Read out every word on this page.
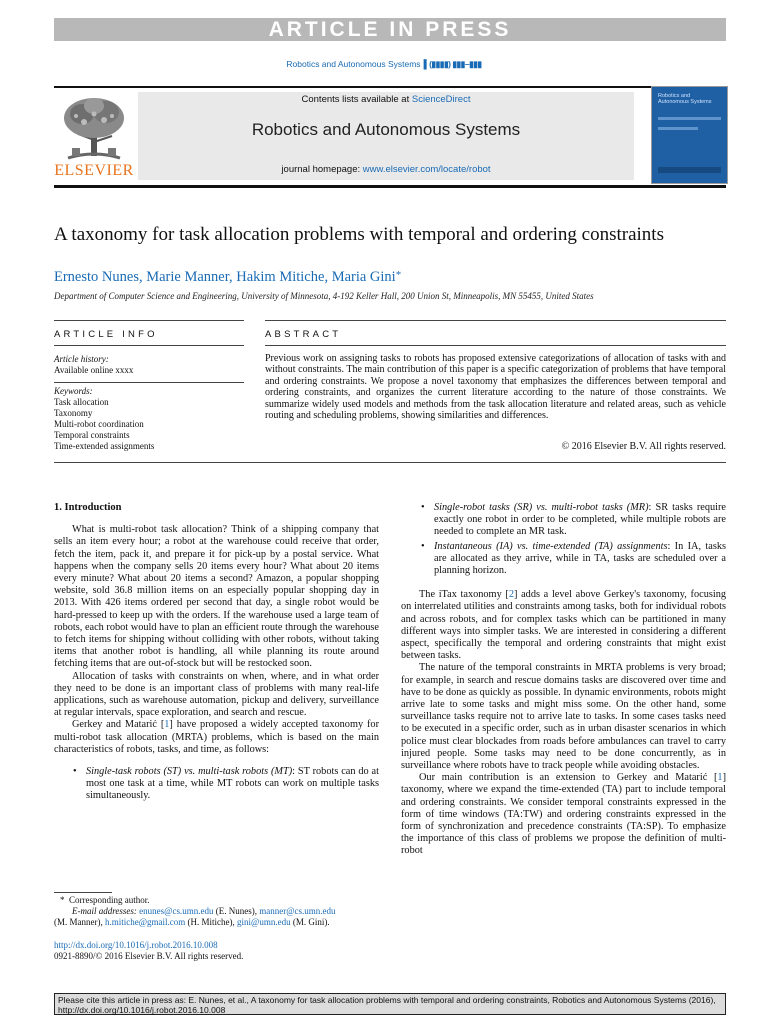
ARTICLE IN PRESS
Robotics and Autonomous Systems ▌(▮▮▮▮) ▮▮▮–▮▮▮
ELSEVIER
Contents lists available at ScienceDirect
Robotics and Autonomous Systems
journal homepage: www.elsevier.com/locate/robot
Robotics and Autonomous Systems
A taxonomy for task allocation problems with temporal and ordering constraints
Ernesto Nunes, Marie Manner, Hakim Mitiche, Maria Gini*
Department of Computer Science and Engineering, University of Minnesota, 4-192 Keller Hall, 200 Union St, Minneapolis, MN 55455, United States
ARTICLE INFO	ABSTRACT
Article history:
Available online xxxx
Keywords:
Task allocation
Taxonomy
Multi-robot coordination
Temporal constraints
Time-extended assignments
Previous work on assigning tasks to robots has proposed extensive categorizations of allocation of tasks with and without constraints. The main contribution of this paper is a specific categorization of problems that have temporal and ordering constraints. We propose a novel taxonomy that emphasizes the differences between temporal and ordering constraints, and organizes the current literature according to the nature of those constraints. We summarize widely used models and methods from the task allocation literature and related areas, such as vehicle routing and scheduling problems, showing similarities and differences.
© 2016 Elsevier B.V. All rights reserved.
1. Introduction

What is multi-robot task allocation? Think of a shipping company that sells an item every hour; a robot at the warehouse could receive that order, fetch the item, pack it, and prepare it for pick-up by a postal service. What happens when the company sells 20 items every hour? What about 20 items every minute? What about 20 items a second? Amazon, a popular shopping website, sold 36.8 million items on an especially popular shopping day in 2013. With 426 items ordered per second that day, a single robot would be hard-pressed to keep up with the orders. If the warehouse used a large team of robots, each robot would have to plan an efficient route through the warehouse to fetch items for shipping without colliding with other robots, without taking items that another robot is handling, all while planning its route around fetching items that are out-of-stock but will be restocked soon.

Allocation of tasks with constraints on when, where, and in what order they need to be done is an important class of problems with many real-life applications, such as warehouse automation, pickup and delivery, surveillance at regular intervals, space exploration, and search and rescue.

Gerkey and Matarić [1] have proposed a widely accepted taxonomy for multi-robot task allocation (MRTA) problems, which is based on the main characteristics of robots, tasks, and time, as follows:

• Single-task robots (ST) vs. multi-task robots (MT): ST robots can do at most one task at a time, while MT robots can work on multiple tasks simultaneously.
• Single-robot tasks (SR) vs. multi-robot tasks (MR): SR tasks require exactly one robot in order to be completed, while multiple robots are needed to complete an MR task.
• Instantaneous (IA) vs. time-extended (TA) assignments: In IA, tasks are allocated as they arrive, while in TA, tasks are scheduled over a planning horizon.

The iTax taxonomy [2] adds a level above Gerkey's taxonomy, focusing on interrelated utilities and constraints among tasks, both for individual robots and across robots, and for complex tasks which can be partitioned in many different ways into simpler tasks. We are interested in considering a different aspect, specifically the temporal and ordering constraints that might exist between tasks.

The nature of the temporal constraints in MRTA problems is very broad; for example, in search and rescue domains tasks are discovered over time and have to be done as quickly as possible. In dynamic environments, robots might arrive late to some tasks and might miss some. On the other hand, some surveillance tasks require not to arrive late to tasks. In some cases tasks need to be executed in a specific order, such as in urban disaster scenarios in which police must clear blockades from roads before ambulances can travel to carry injured people. Some tasks may need to be done concurrently, as in surveillance where robots have to track people while avoiding obstacles.

Our main contribution is an extension to Gerkey and Matarić [1] taxonomy, where we expand the time-extended (TA) part to include temporal and ordering constraints. We consider temporal constraints expressed in the form of time windows (TA:TW) and ordering constraints expressed in the form of synchronization and precedence constraints (TA:SP). To emphasize the importance of this class of problems we propose the definition of multi-robot

* Corresponding author.
E-mail addresses: enunes@cs.umn.edu (E. Nunes), manner@cs.umn.edu
(M. Manner), h.mitiche@gmail.com (H. Mitiche), gini@umn.edu (M. Gini).
http://dx.doi.org/10.1016/j.robot.2016.10.008
0921-8890/© 2016 Elsevier B.V. All rights reserved.
Please cite this article in press as: E. Nunes, et al., A taxonomy for task allocation problems with temporal and ordering constraints, Robotics and Autonomous Systems (2016), http://dx.doi.org/10.1016/j.robot.2016.10.008
